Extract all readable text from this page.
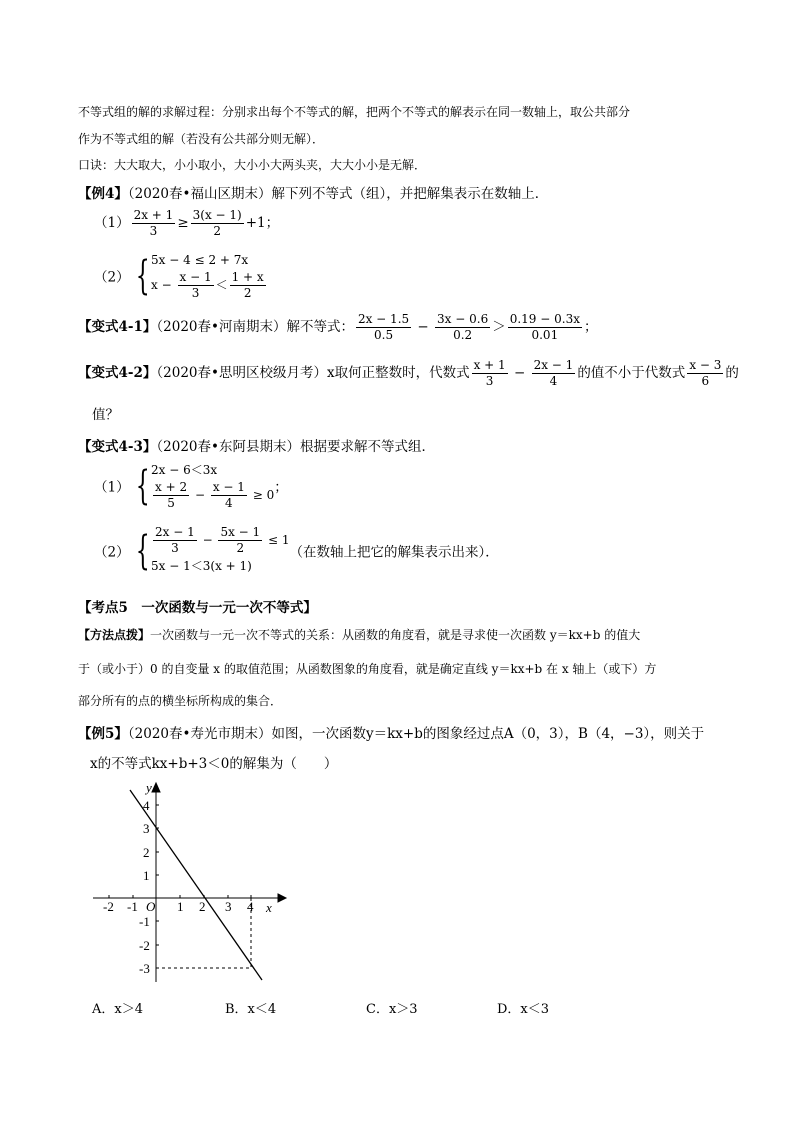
不等式组的解的求解过程：分别求出每个不等式的解，把两个不等式的解表示在同一数轴上，取公共部分
作为不等式组的解（若没有公共部分则无解）．
口诀：大大取大，小小取小，大小小大两头夹，大大小小是无解．
【例4】（2020春•福山区期末）解下列不等式（组），并把解集表示在数轴上．
$(1) \frac{2x + 1}{3} \ge \frac{3(x - 1)}{2} +1$；
（2） { 5x − 4 ≤ 2 + 7x
$x - \frac{x - 1}{3} < \frac{1 + x}{2}$
【变式4-1】（2020春•河南期末）解不等式： $\frac{2x - 1.5}{0.5} - \frac{3x - 0.6}{0.2} > \frac{0.19 - 0.3x}{0.01}$ ；
【变式4-2】（2020春•思明区校级月考）x取何正整数时，代数式 $\frac{x + 1}{3} - \frac{2x - 1}{4}$ 的值不小于代数式 $\frac{x - 3}{6}$ 的
值？
【变式4-3】（2020春•东阿县期末）根据要求解不等式组．
（1） { 2x − 6＜3x
$\frac{x + 2}{5} - \frac{x - 1}{4} \ge 0$ ；
（2） { $\frac{2x - 1}{3} - \frac{5x - 1}{2} \le 1$
5x − 1＜3(x + 1)
（在数轴上把它的解集表示出来）．
【考点5　一次函数与一元一次不等式】
【方法点拨】一次函数与一元一次不等式的关系：从函数的角度看，就是寻求使一次函数 y＝kx+b 的值大
于（或小于）0 的自变量 x 的取值范围；从函数图象的角度看，就是确定直线 y＝kx+b 在 x 轴上（或下）方
部分所有的点的横坐标所构成的集合．
【例5】（2020春•寿光市期末）如图，一次函数y＝kx+b的图象经过点A（0，3），B（4，−3），则关于
x的不等式kx+b+3＜0的解集为（　　）
y
x
O
-2 -1	1 2 3 4
4
3
2
1
-1
-2
-3
A．x＞4	B．x＜4	C．x＞3	D．x＜3
